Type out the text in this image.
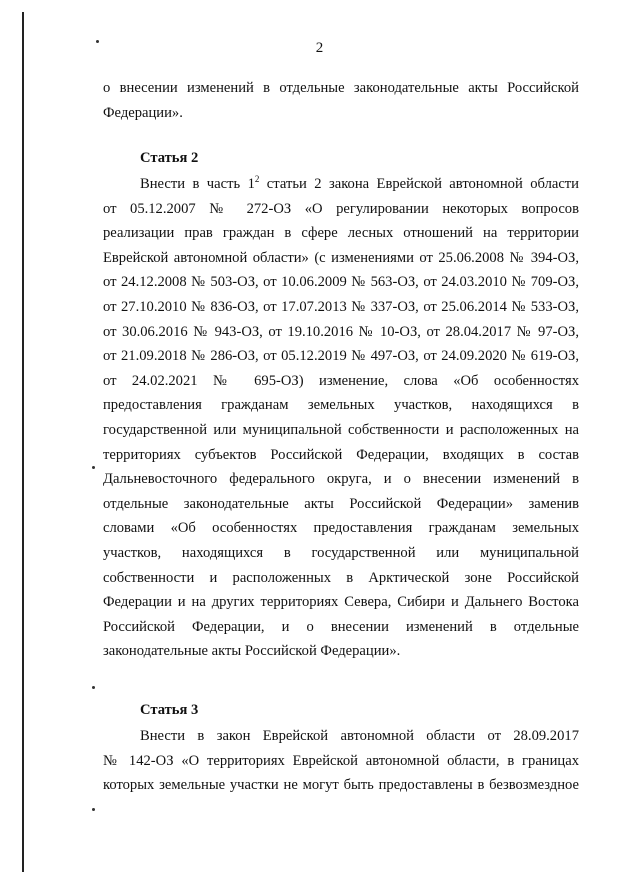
2
о внесении изменений в отдельные законодательные акты Российской
Федерации».
Статья 2
Внести в часть $1^2$ статьи 2 закона Еврейской автономной области
от 05.12.2007 № 272-ОЗ «О регулировании некоторых вопросов
реализации прав граждан в сфере лесных отношений на территории
Еврейской автономной области» (с изменениями от 25.06.2008 № 394-ОЗ,
от 24.12.2008 № 503-ОЗ, от 10.06.2009 № 563-ОЗ, от 24.03.2010 № 709-ОЗ,
от 27.10.2010 № 836-ОЗ, от 17.07.2013 № 337-ОЗ, от 25.06.2014 № 533-ОЗ,
от 30.06.2016 № 943-ОЗ, от 19.10.2016 № 10-ОЗ, от 28.04.2017 № 97-ОЗ,
от 21.09.2018 № 286-ОЗ, от 05.12.2019 № 497-ОЗ, от 24.09.2020 № 619-ОЗ,
от 24.02.2021 № 695-ОЗ) изменение, слова «Об особенностях
предоставления гражданам земельных участков, находящихся в
государственной или муниципальной собственности и расположенных на
территориях субъектов Российской Федерации, входящих в состав
Дальневосточного федерального округа, и о внесении изменений в
отдельные законодательные акты Российской Федерации» заменив
словами «Об особенностях предоставления гражданам земельных
участков, находящихся в государственной или муниципальной
собственности и расположенных в Арктической зоне Российской
Федерации и на других территориях Севера, Сибири и Дальнего Востока
Российской Федерации, и о внесении изменений в отдельные
законодательные акты Российской Федерации».
Статья 3
Внести в закон Еврейской автономной области от 28.09.2017
№ 142-ОЗ «О территориях Еврейской автономной области, в границах
которых земельные участки не могут быть предоставлены в безвозмездное
